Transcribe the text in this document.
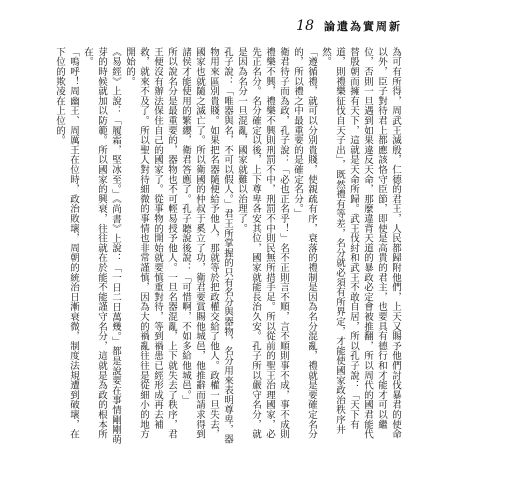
18 論遺為實周新

為可有所得，周武王滅殷，仁德的君王，人民都歸附他們，上天又賜予他們討伐暴君的使命以外，臣子對待君上都應該恪守臣節，即使是高貴的君主，也要具有德行和才能才可以繼位，否則一旦遇到如果違反天命，那麼違背天道的暴政必定會被推翻，所以周代的國君能代替殷朝而擁有天下，這就是天命所歸。武王伐紂和武王不敢自居，所以孔子說：「天下有道，則禮樂征伐自天子出」，既然禮有等差，名分就必須有所界定，才能使國家政治秩序井然。

「遵循禮，就可以分別貴賤，使親疏有序，衰落的禮制是因為名分混亂，禮就是要確定名分的，所以禮之中最重要的是確定名分。」

衛君待子而為政，孔子說：「必也正名乎！」名不正則言不順，言不順則事不成，事不成則禮樂不興，禮樂不興則刑罰不中，刑罰不中則民無所措手足。所以從前的聖王治理國家，必先正名分。名分確定以後，上下尊卑各安其位，國家就能長治久安。孔子所以嚴守名分，就是因為名分一旦混亂，國家就難以治理了。

孔子說：「唯器與名，不可以假人。」君王所掌握的只有名分與器物，名分用來表明尊卑，器物用來區別貴賤。如果把名器隨便給予他人，那就等於把政權交給了他人。政權一旦失去，國家也就隨之滅亡了。所以衛國的仲叔于奚立了功，衛君要賞賜他城邑，他推辭而請求得到諸侯才能使用的繁纓，衛君答應了。孔子聽說後說：「可惜啊，不如多給他城邑。」

所以說名分是最重要的，器物也不可輕易授予他人。一旦名器混亂，上下就失去了秩序，君王便沒有辦法保住自己的國家了。從事物的開始就要慎重對待，等到禍患已經形成再去補救，就來不及了。所以聖人對待細微的事情也非常謹慎，因為大的禍亂往往是從細小的地方開始的。

《易經》上說：「履霜，堅冰至。」《尚書》上說：「一日二日萬幾。」都是說要在事情剛剛萌芽的時候就加以防範。所以國家的興衰，往往就在於能不能謹守名分，這就是為政的根本所在。

「嗚呼！周幽王、周厲王在位時，政治敗壞，周朝的統治日漸衰微，制度法規遭到破壞，在下位的欺凌在上位的。
